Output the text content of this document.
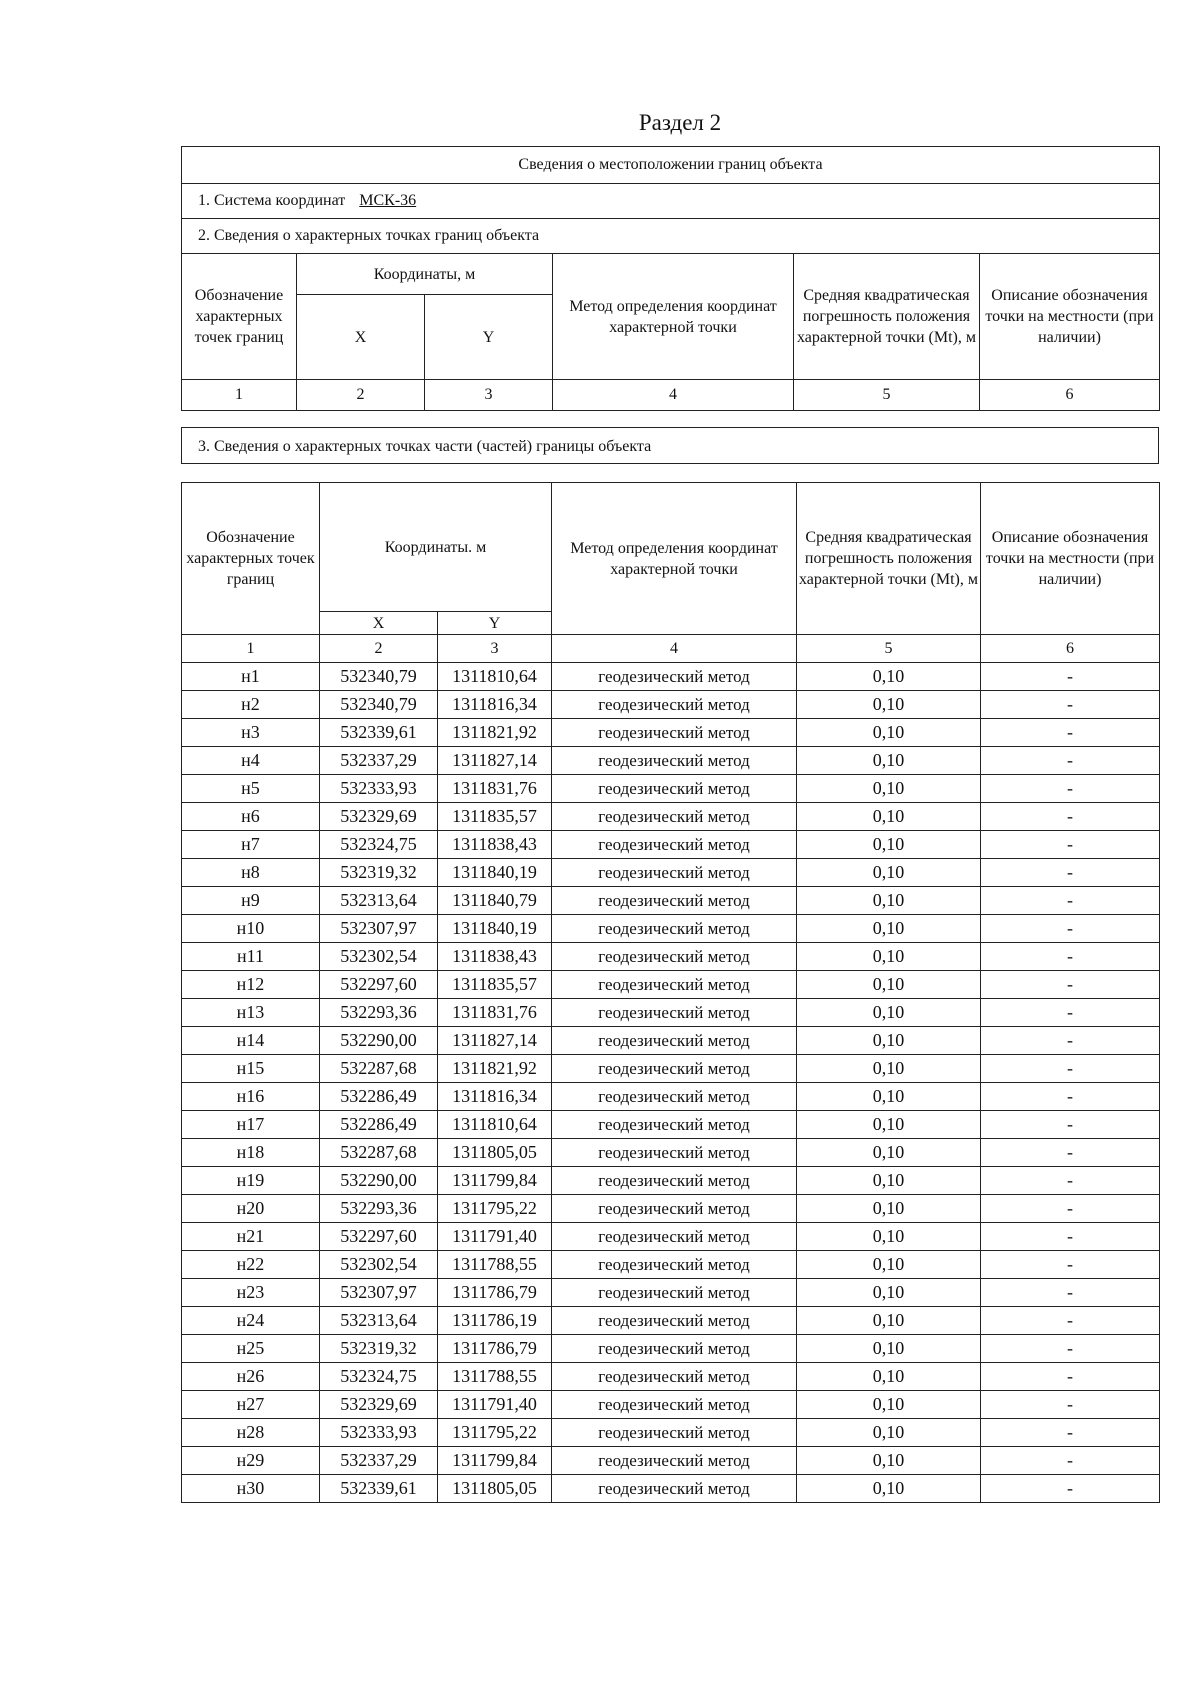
Раздел 2
Сведения о местоположении границ объекта					
1. Система координат МСК-36					
2. Сведения о характерных точках границ объекта					
Обозначение характерных точек границ	Координаты, м		Метод определения координат характерной точки	Средняя квадратическая погрешность положения характерной точки (Mt), м	Описание обозначения точки на местности (при наличии)
	X	Y			
1	2	3	4	5	6
3. Сведения о характерных точках части (частей) границы объекта
Обозначение характерных точек границ	Координаты. м		Метод определения координат характерной точки	Средняя квадратическая погрешность положения характерной точки (Mt), м	Описание обозначения точки на местности (при наличии)
	X	Y			
1	2	3	4	5	6
н1	532340,79	1311810,64	геодезический метод	0,10	-
н2	532340,79	1311816,34	геодезический метод	0,10	-
н3	532339,61	1311821,92	геодезический метод	0,10	-
н4	532337,29	1311827,14	геодезический метод	0,10	-
н5	532333,93	1311831,76	геодезический метод	0,10	-
н6	532329,69	1311835,57	геодезический метод	0,10	-
н7	532324,75	1311838,43	геодезический метод	0,10	-
н8	532319,32	1311840,19	геодезический метод	0,10	-
н9	532313,64	1311840,79	геодезический метод	0,10	-
н10	532307,97	1311840,19	геодезический метод	0,10	-
н11	532302,54	1311838,43	геодезический метод	0,10	-
н12	532297,60	1311835,57	геодезический метод	0,10	-
н13	532293,36	1311831,76	геодезический метод	0,10	-
н14	532290,00	1311827,14	геодезический метод	0,10	-
н15	532287,68	1311821,92	геодезический метод	0,10	-
н16	532286,49	1311816,34	геодезический метод	0,10	-
н17	532286,49	1311810,64	геодезический метод	0,10	-
н18	532287,68	1311805,05	геодезический метод	0,10	-
н19	532290,00	1311799,84	геодезический метод	0,10	-
н20	532293,36	1311795,22	геодезический метод	0,10	-
н21	532297,60	1311791,40	геодезический метод	0,10	-
н22	532302,54	1311788,55	геодезический метод	0,10	-
н23	532307,97	1311786,79	геодезический метод	0,10	-
н24	532313,64	1311786,19	геодезический метод	0,10	-
н25	532319,32	1311786,79	геодезический метод	0,10	-
н26	532324,75	1311788,55	геодезический метод	0,10	-
н27	532329,69	1311791,40	геодезический метод	0,10	-
н28	532333,93	1311795,22	геодезический метод	0,10	-
н29	532337,29	1311799,84	геодезический метод	0,10	-
н30	532339,61	1311805,05	геодезический метод	0,10	-
